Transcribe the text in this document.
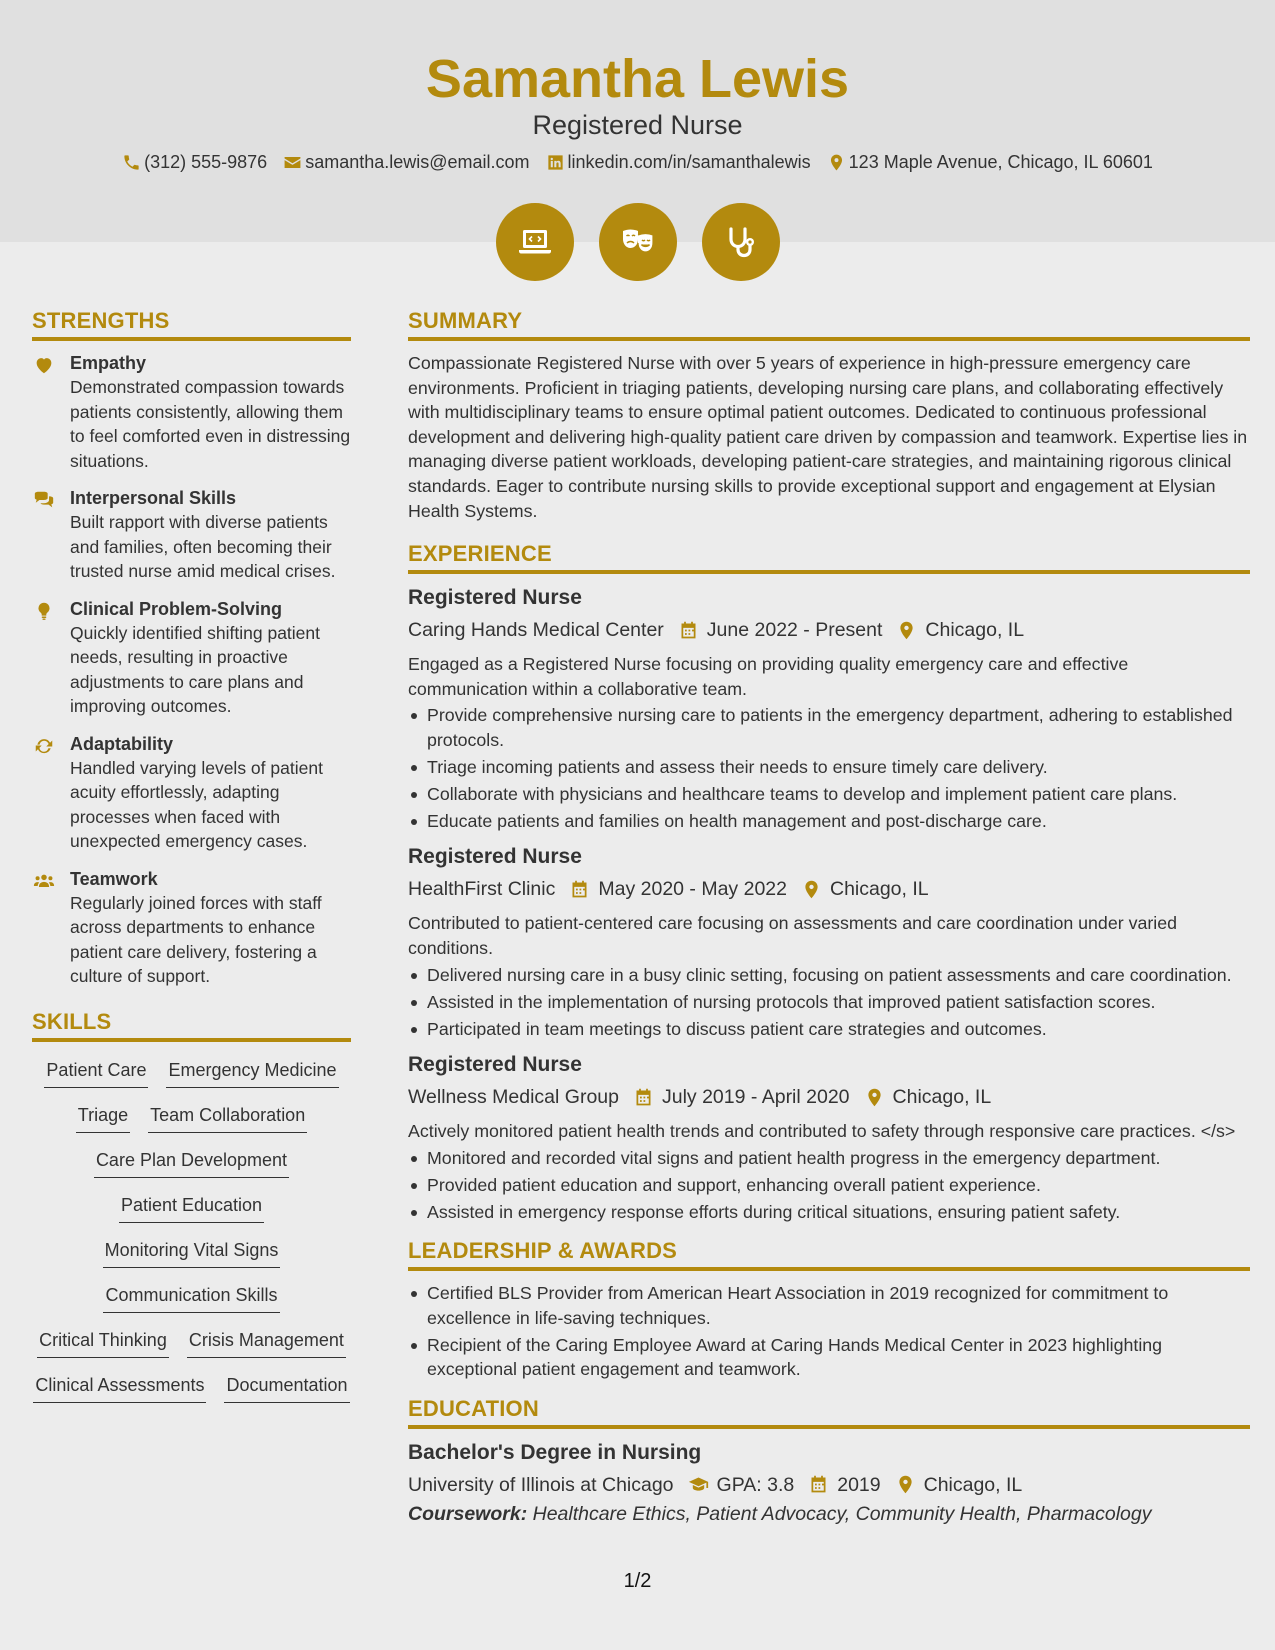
Samantha Lewis
Registered Nurse
(312) 555-9876 samantha.lewis@email.com linkedin.com/in/samanthalewis 123 Maple Avenue, Chicago, IL 60601
STRENGTHS
Empathy
Demonstrated compassion towards patients consistently, allowing them to feel comforted even in distressing situations.
Interpersonal Skills
Built rapport with diverse patients and families, often becoming their trusted nurse amid medical crises.
Clinical Problem-Solving
Quickly identified shifting patient needs, resulting in proactive adjustments to care plans and improving outcomes.
Adaptability
Handled varying levels of patient acuity effortlessly, adapting processes when faced with unexpected emergency cases.
Teamwork
Regularly joined forces with staff across departments to enhance patient care delivery, fostering a culture of support.
SKILLS
Patient Care Emergency Medicine
Triage Team Collaboration
Care Plan Development
Patient Education
Monitoring Vital Signs
Communication Skills
Critical Thinking Crisis Management
Clinical Assessments Documentation
SUMMARY
Compassionate Registered Nurse with over 5 years of experience in high-pressure emergency care environments. Proficient in triaging patients, developing nursing care plans, and collaborating effectively with multidisciplinary teams to ensure optimal patient outcomes. Dedicated to continuous professional development and delivering high-quality patient care driven by compassion and teamwork. Expertise lies in managing diverse patient workloads, developing patient-care strategies, and maintaining rigorous clinical standards. Eager to contribute nursing skills to provide exceptional support and engagement at Elysian Health Systems.
EXPERIENCE
Registered Nurse
Caring Hands Medical Center June 2022 - Present Chicago, IL
Engaged as a Registered Nurse focusing on providing quality emergency care and effective communication within a collaborative team.
Provide comprehensive nursing care to patients in the emergency department, adhering to established protocols.
Triage incoming patients and assess their needs to ensure timely care delivery.
Collaborate with physicians and healthcare teams to develop and implement patient care plans.
Educate patients and families on health management and post-discharge care.
Registered Nurse
HealthFirst Clinic May 2020 - May 2022 Chicago, IL
Contributed to patient-centered care focusing on assessments and care coordination under varied conditions.
Delivered nursing care in a busy clinic setting, focusing on patient assessments and care coordination.
Assisted in the implementation of nursing protocols that improved patient satisfaction scores.
Participated in team meetings to discuss patient care strategies and outcomes.
Registered Nurse
Wellness Medical Group July 2019 - April 2020 Chicago, IL
Actively monitored patient health trends and contributed to safety through responsive care practices. </s>
Monitored and recorded vital signs and patient health progress in the emergency department.
Provided patient education and support, enhancing overall patient experience.
Assisted in emergency response efforts during critical situations, ensuring patient safety.
LEADERSHIP & AWARDS
Certified BLS Provider from American Heart Association in 2019 recognized for commitment to excellence in life-saving techniques.
Recipient of the Caring Employee Award at Caring Hands Medical Center in 2023 highlighting exceptional patient engagement and teamwork.
EDUCATION
Bachelor's Degree in Nursing
University of Illinois at Chicago GPA: 3.8 2019 Chicago, IL
Coursework: Healthcare Ethics, Patient Advocacy, Community Health, Pharmacology
1/2
